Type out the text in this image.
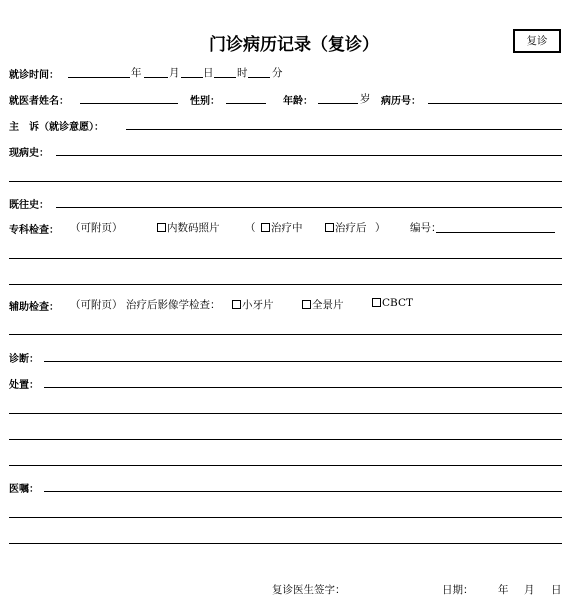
门诊病历记录（复诊）	复诊
就诊时间：	年	月 日 时 分
就医者姓名：	性别：	年龄：	岁 病历号：
主　诉（就诊意愿）：
现病史：
既往史：
专科检查： （可附页）	内数码照片 （	治疗中	治疗后 ） 编号：
辅助检查： （可附页） 治疗后影像学检查：	小牙片	全景片	CBCT
诊断：
处置：
医嘱：
复诊医生签字：	日期： 年 月 日
